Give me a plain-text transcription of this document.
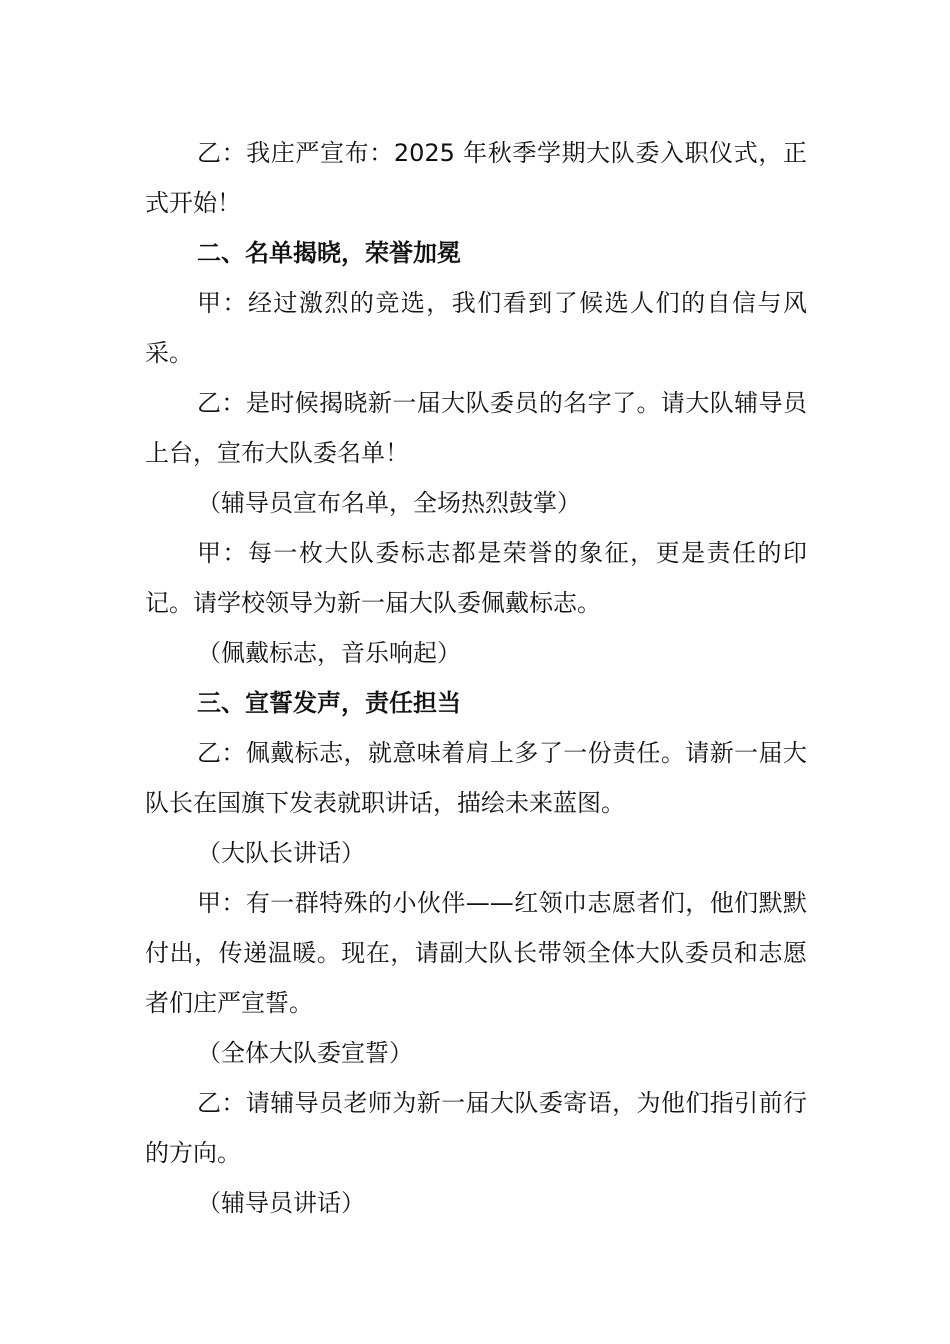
乙：我庄严宣布：2025 年秋季学期大队委入职仪式，正式开始！

二、名单揭晓，荣誉加冕

甲：经过激烈的竞选，我们看到了候选人们的自信与风采。

乙：是时候揭晓新一届大队委员的名字了。请大队辅导员上台，宣布大队委名单！

（辅导员宣布名单，全场热烈鼓掌）

甲：每一枚大队委标志都是荣誉的象征，更是责任的印记。请学校领导为新一届大队委佩戴标志。

（佩戴标志，音乐响起）

三、宣誓发声，责任担当

乙：佩戴标志，就意味着肩上多了一份责任。请新一届大队长在国旗下发表就职讲话，描绘未来蓝图。

（大队长讲话）

甲：有一群特殊的小伙伴——红领巾志愿者们，他们默默付出，传递温暖。现在，请副大队长带领全体大队委员和志愿者们庄严宣誓。

（全体大队委宣誓）

乙：请辅导员老师为新一届大队委寄语，为他们指引前行的方向。

（辅导员讲话）
